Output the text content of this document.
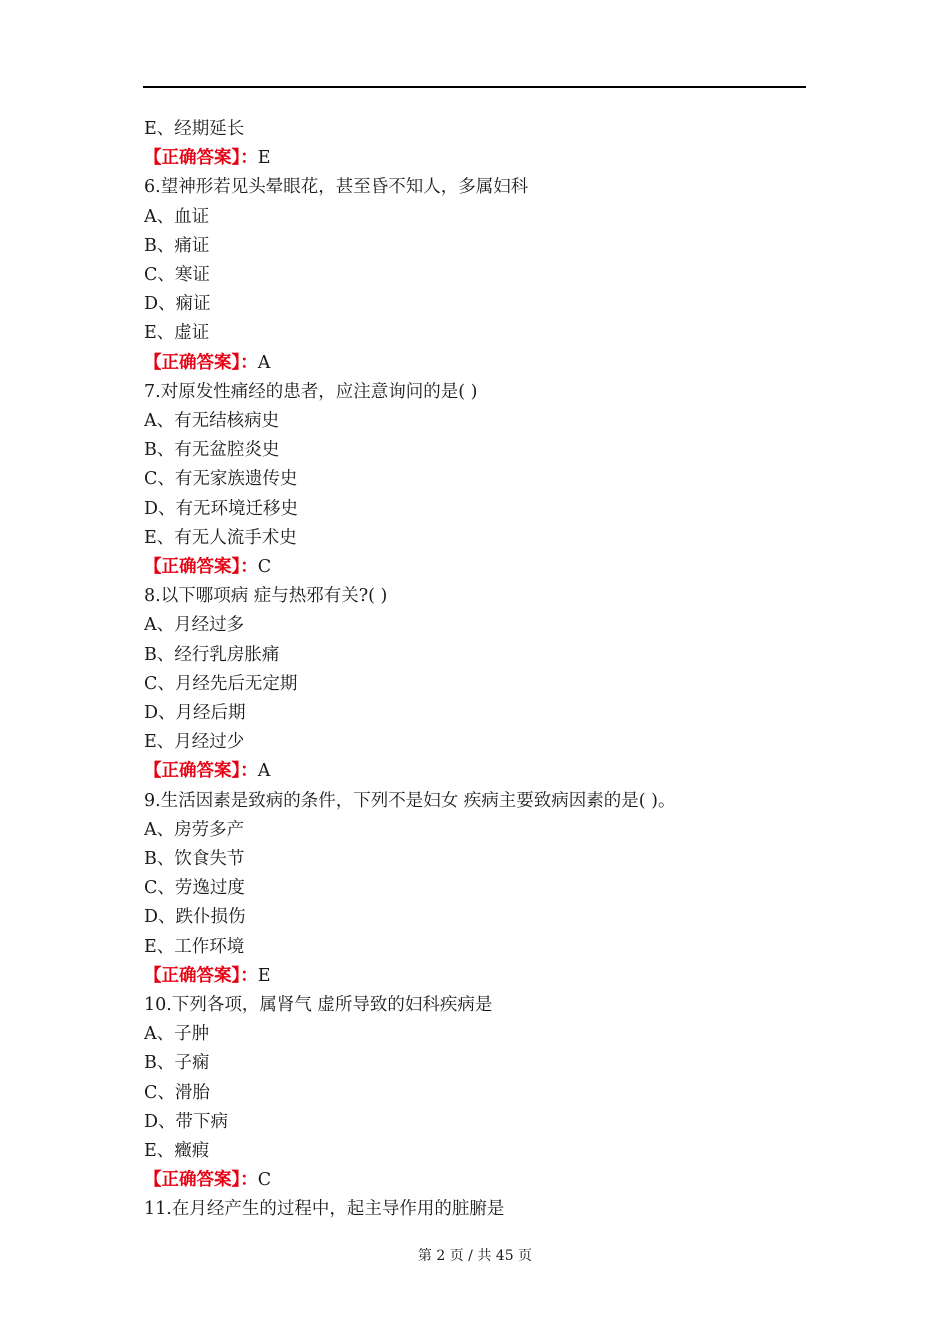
E、经期延长
【正确答案】：E
6.望神形若见头晕眼花，甚至昏不知人，多属妇科
A、血证
B、痛证
C、寒证
D、痫证
E、虚证
【正确答案】：A
7.对原发性痛经的患者，应注意询问的是( )
A、有无结核病史
B、有无盆腔炎史
C、有无家族遗传史
D、有无环境迁移史
E、有无人流手术史
【正确答案】：C
8.以下哪项病 症与热邪有关?( )
A、月经过多
B、经行乳房胀痛
C、月经先后无定期
D、月经后期
E、月经过少
【正确答案】：A
9.生活因素是致病的条件，下列不是妇女 疾病主要致病因素的是( )。
A、房劳多产
B、饮食失节
C、劳逸过度
D、跌仆损伤
E、工作环境
【正确答案】：E
10.下列各项，属肾气 虚所导致的妇科疾病是
A、子肿
B、子痫
C、滑胎
D、带下病
E、癥瘕
【正确答案】：C
11.在月经产生的过程中，起主导作用的脏腑是
第 2 页 / 共 45 页
